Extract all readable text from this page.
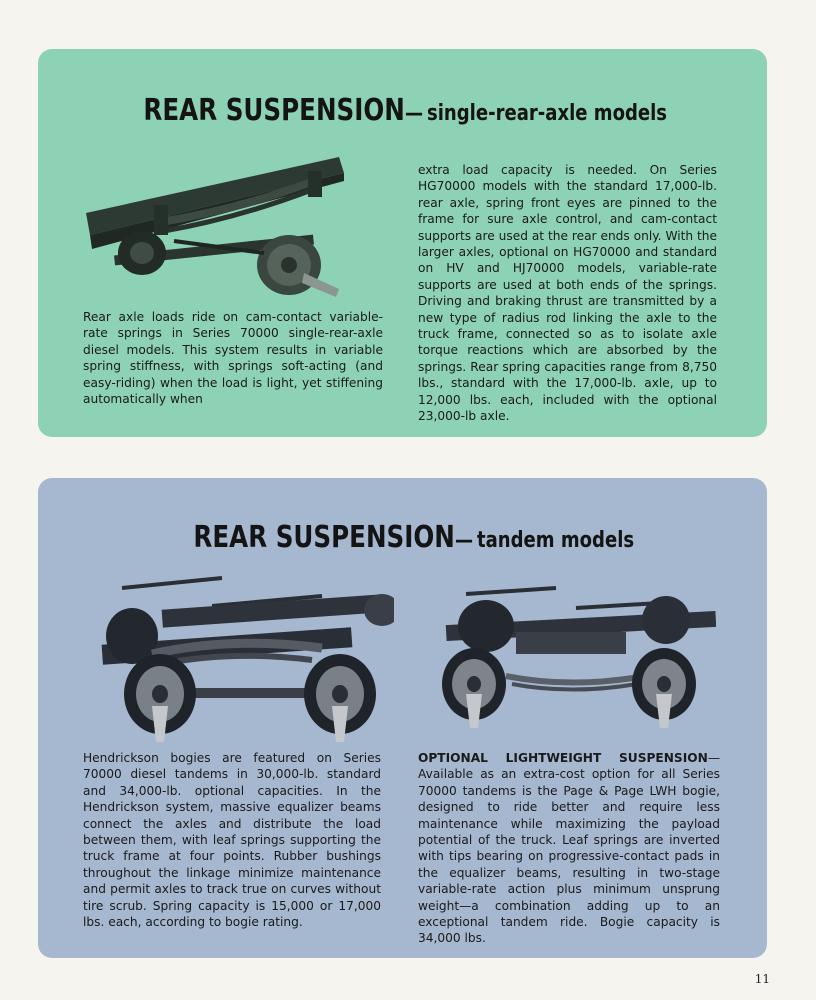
REAR SUSPENSION— single-rear-axle models
Rear axle loads ride on cam-contact variable-rate springs in Series 70000 single-rear-axle diesel models. This system results in variable spring stiffness, with springs soft-acting (and easy-riding) when the load is light, yet stiffening automatically when
extra load capacity is needed. On Series HG70000 models with the standard 17,000-lb. rear axle, spring front eyes are pinned to the frame for sure axle control, and cam-contact supports are used at the rear ends only. With the larger axles, optional on HG70000 and standard on HV and HJ70000 models, variable-rate supports are used at both ends of the springs. Driving and braking thrust are transmitted by a new type of radius rod linking the axle to the truck frame, connected so as to isolate axle torque reactions which are absorbed by the springs. Rear spring capacities range from 8,750 lbs., standard with the 17,000-lb. axle, up to 12,000 lbs. each, included with the optional 23,000-lb axle.
REAR SUSPENSION— tandem models
Hendrickson bogies are featured on Series 70000 diesel tandems in 30,000-lb. standard and 34,000-lb. optional capacities. In the Hendrickson system, massive equalizer beams connect the axles and distribute the load between them, with leaf springs supporting the truck frame at four points. Rubber bushings throughout the linkage minimize maintenance and permit axles to track true on curves without tire scrub. Spring capacity is 15,000 or 17,000 lbs. each, according to bogie rating.
OPTIONAL LIGHTWEIGHT SUSPENSION—Available as an extra-cost option for all Series 70000 tandems is the Page & Page LWH bogie, designed to ride better and require less maintenance while maximizing the payload potential of the truck. Leaf springs are inverted with tips bearing on progressive-contact pads in the equalizer beams, resulting in two-stage variable-rate action plus minimum unsprung weight—a combination adding up to an exceptional tandem ride. Bogie capacity is 34,000 lbs.
11
